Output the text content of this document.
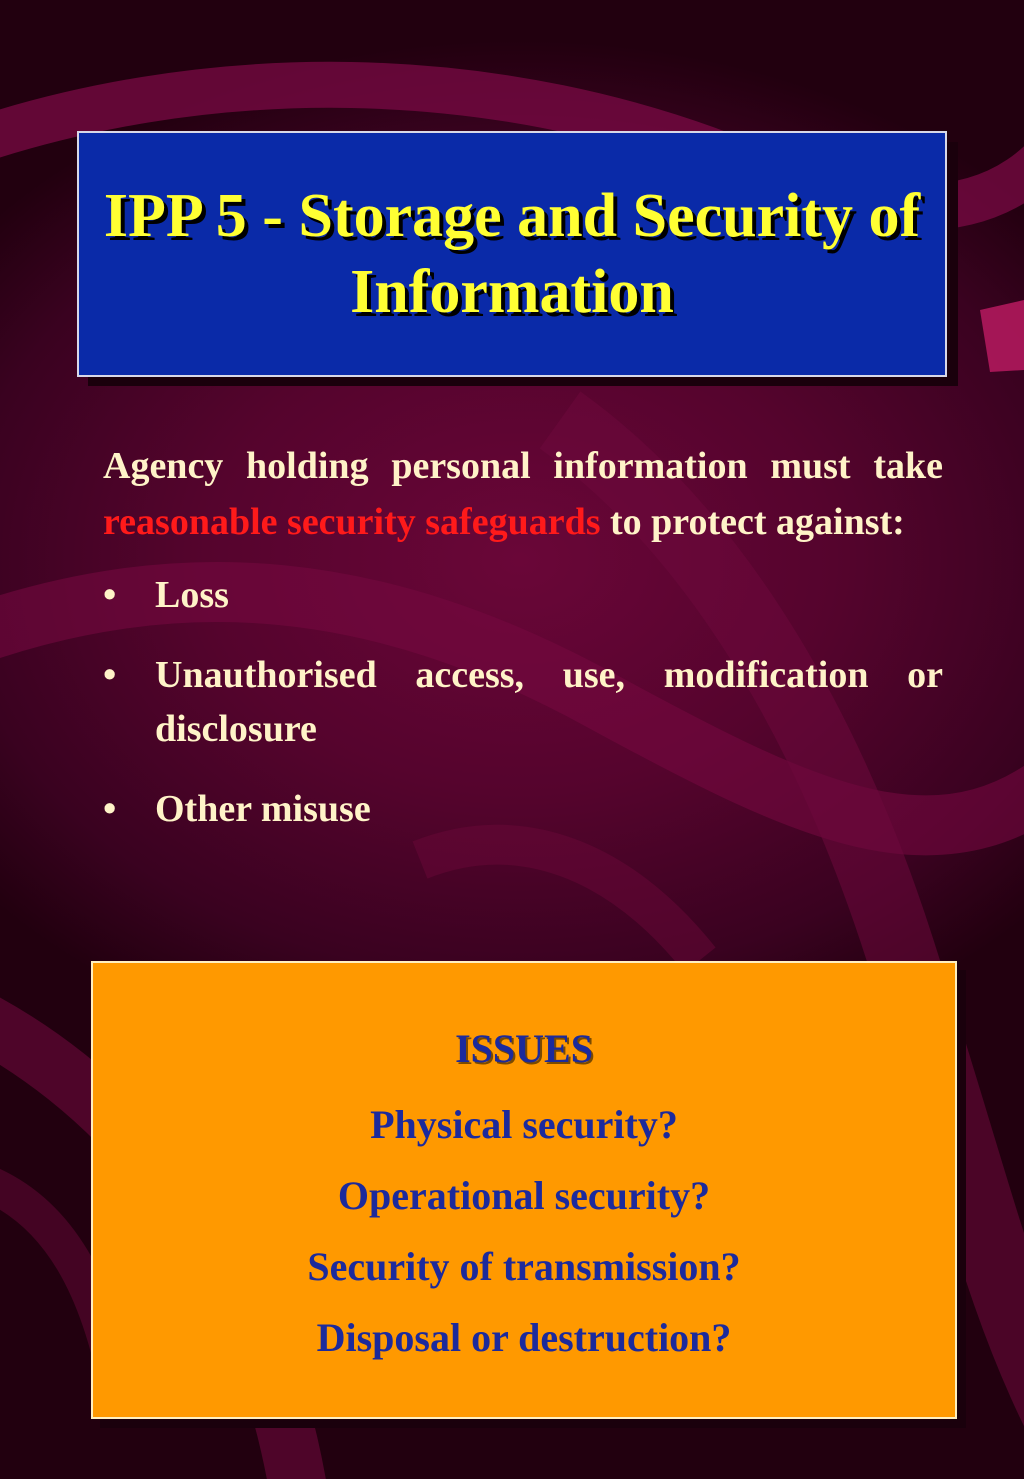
IPP 5 - Storage and Security of Information

Agency holding personal information must take reasonable security safeguards to protect against:

• Loss
• Unauthorised access, use, modification or disclosure
• Other misuse
ISSUES
Physical security?
Operational security?
Security of transmission?
Disposal or destruction?
